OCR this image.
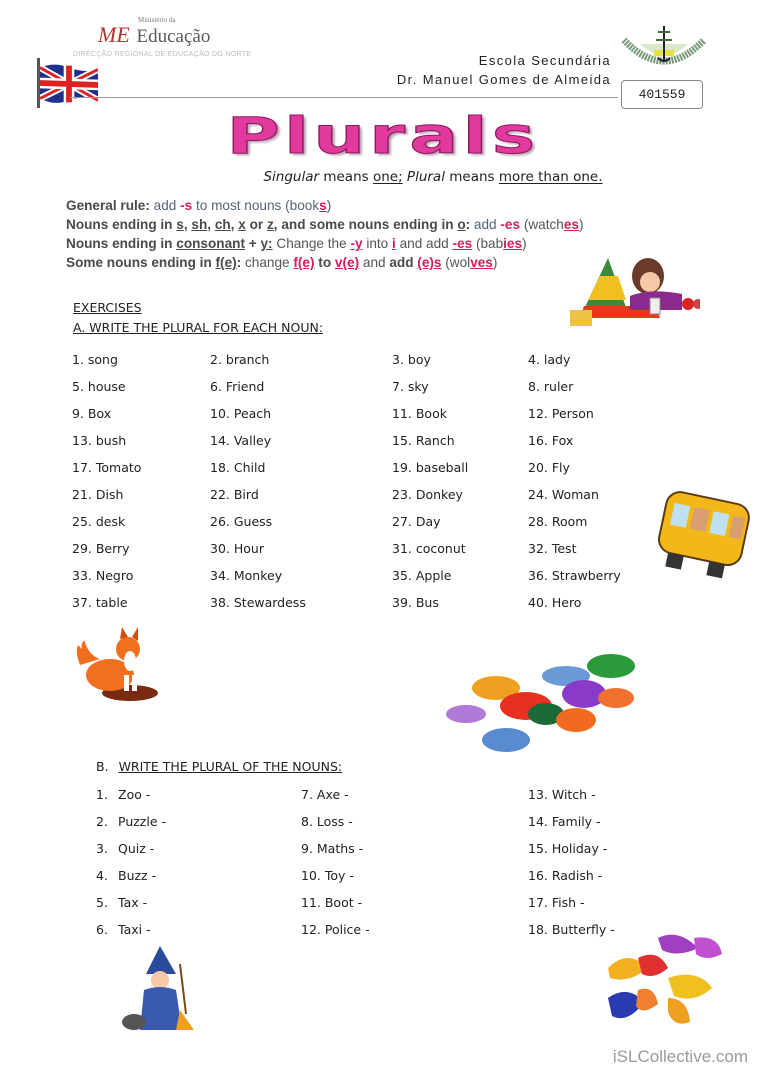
ME
Ministério da
Educação
DIRECÇÃO REGIONAL DE EDUCAÇÃO DO NORTE	Escola Secundária
Dr. Manuel Gomes de Almeida
401559
Plurals
Singular means one; Plural means more than one.
General rule: add -s to most nouns (books)
Nouns ending in s, sh, ch, x or z, and some nouns ending in o: add -es (watches)
Nouns ending in consonant + y: Change the -y into i and add -es (babies)
Some nouns ending in f(e): change f(e) to v(e) and add (e)s (wolves)
EXERCISES
A. WRITE THE PLURAL FOR EACH NOUN:
1. song	2. branch	3. boy	4. lady
5. house	6. Friend	7. sky	8. ruler
9. Box	10. Peach	11. Book	12. Person
13. bush	14. Valley	15. Ranch	16. Fox
17. Tomato	18. Child	19. baseball	20. Fly
21. Dish	22. Bird	23. Donkey	24. Woman
25. desk	26. Guess	27. Day	28. Room
29. Berry	30. Hour	31. coconut	32. Test
33. Negro	34. Monkey	35. Apple	36. Strawberry
37. table	38. Stewardess	39. Bus	40. Hero
B. WRITE THE PLURAL OF THE NOUNS:
1. Zoo -	7. Axe -	13. Witch -
2. Puzzle -	8. Loss -	14. Family -
3. Quiz -	9. Maths -	15. Holiday -
4. Buzz -	10. Toy -	16. Radish -
5. Tax -	11. Boot -	17. Fish -
6. Taxi -	12. Police -	18. Butterfly -
iSLCollective.com
